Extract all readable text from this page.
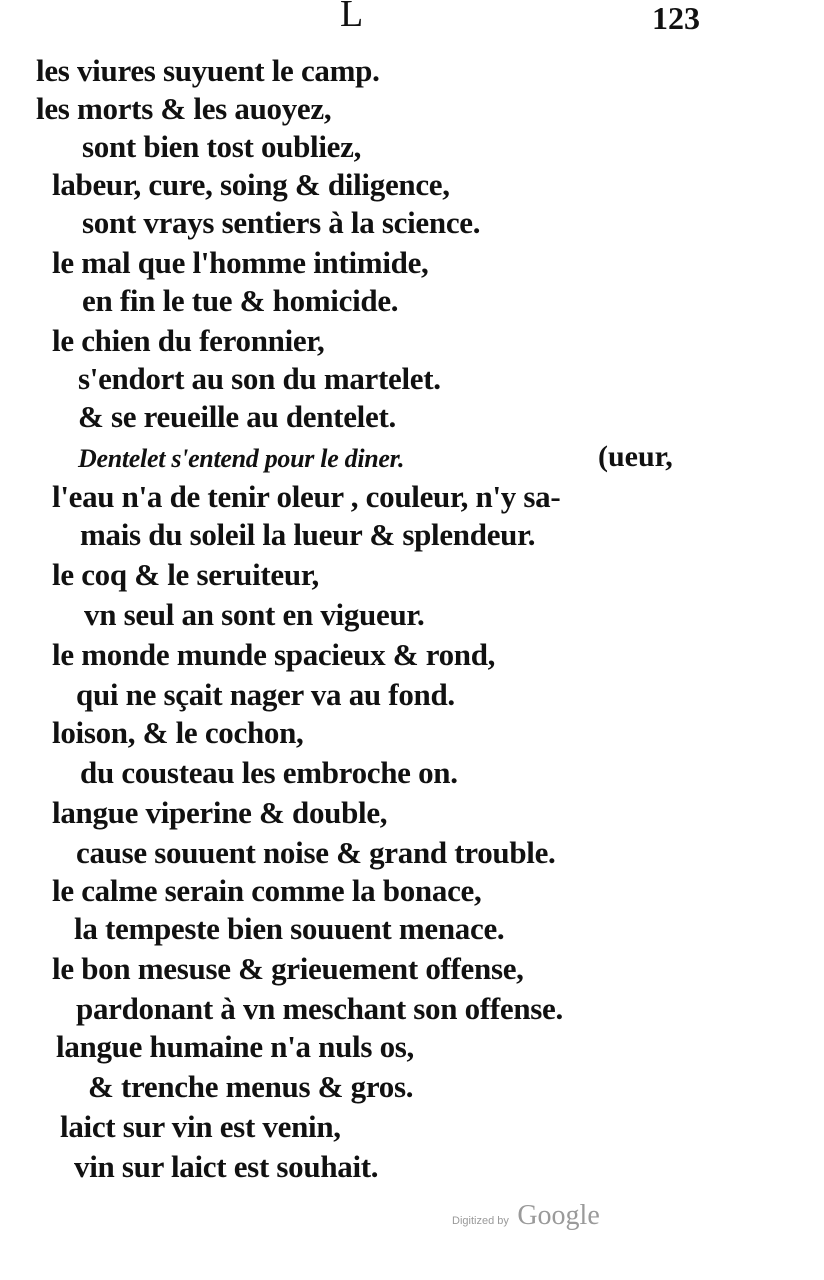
L	123
les viures suyuent le camp.
les morts & les auoyez,
sont bien tost oubliez,
labeur, cure, soing & diligence,
sont vrays sentiers à la science.
le mal que l'homme intimide,
en fin le tue & homicide.
le chien du feronnier,
s'endort au son du martelet.
& se reueille au dentelet.
Dentelet s'entend pour le diner.	(ueur,
l'eau n'a de tenir oleur , couleur, n'y sa-
mais du soleil la lueur & splendeur.
le coq & le seruiteur,
vn seul an sont en vigueur.
le monde munde spacieux & rond,
qui ne sçait nager va au fond.
loison, & le cochon,
du cousteau les embroche on.
langue viperine & double,
cause souuent noise & grand trouble.
le calme serain comme la bonace,
la tempeste bien souuent menace.
le bon mesuse & grieuement offense,
pardonant à vn meschant son offense.
langue humaine n'a nuls os,
& trenche menus & gros.
laict sur vin est venin,
vin sur laict est souhait.
Digitized by Google
